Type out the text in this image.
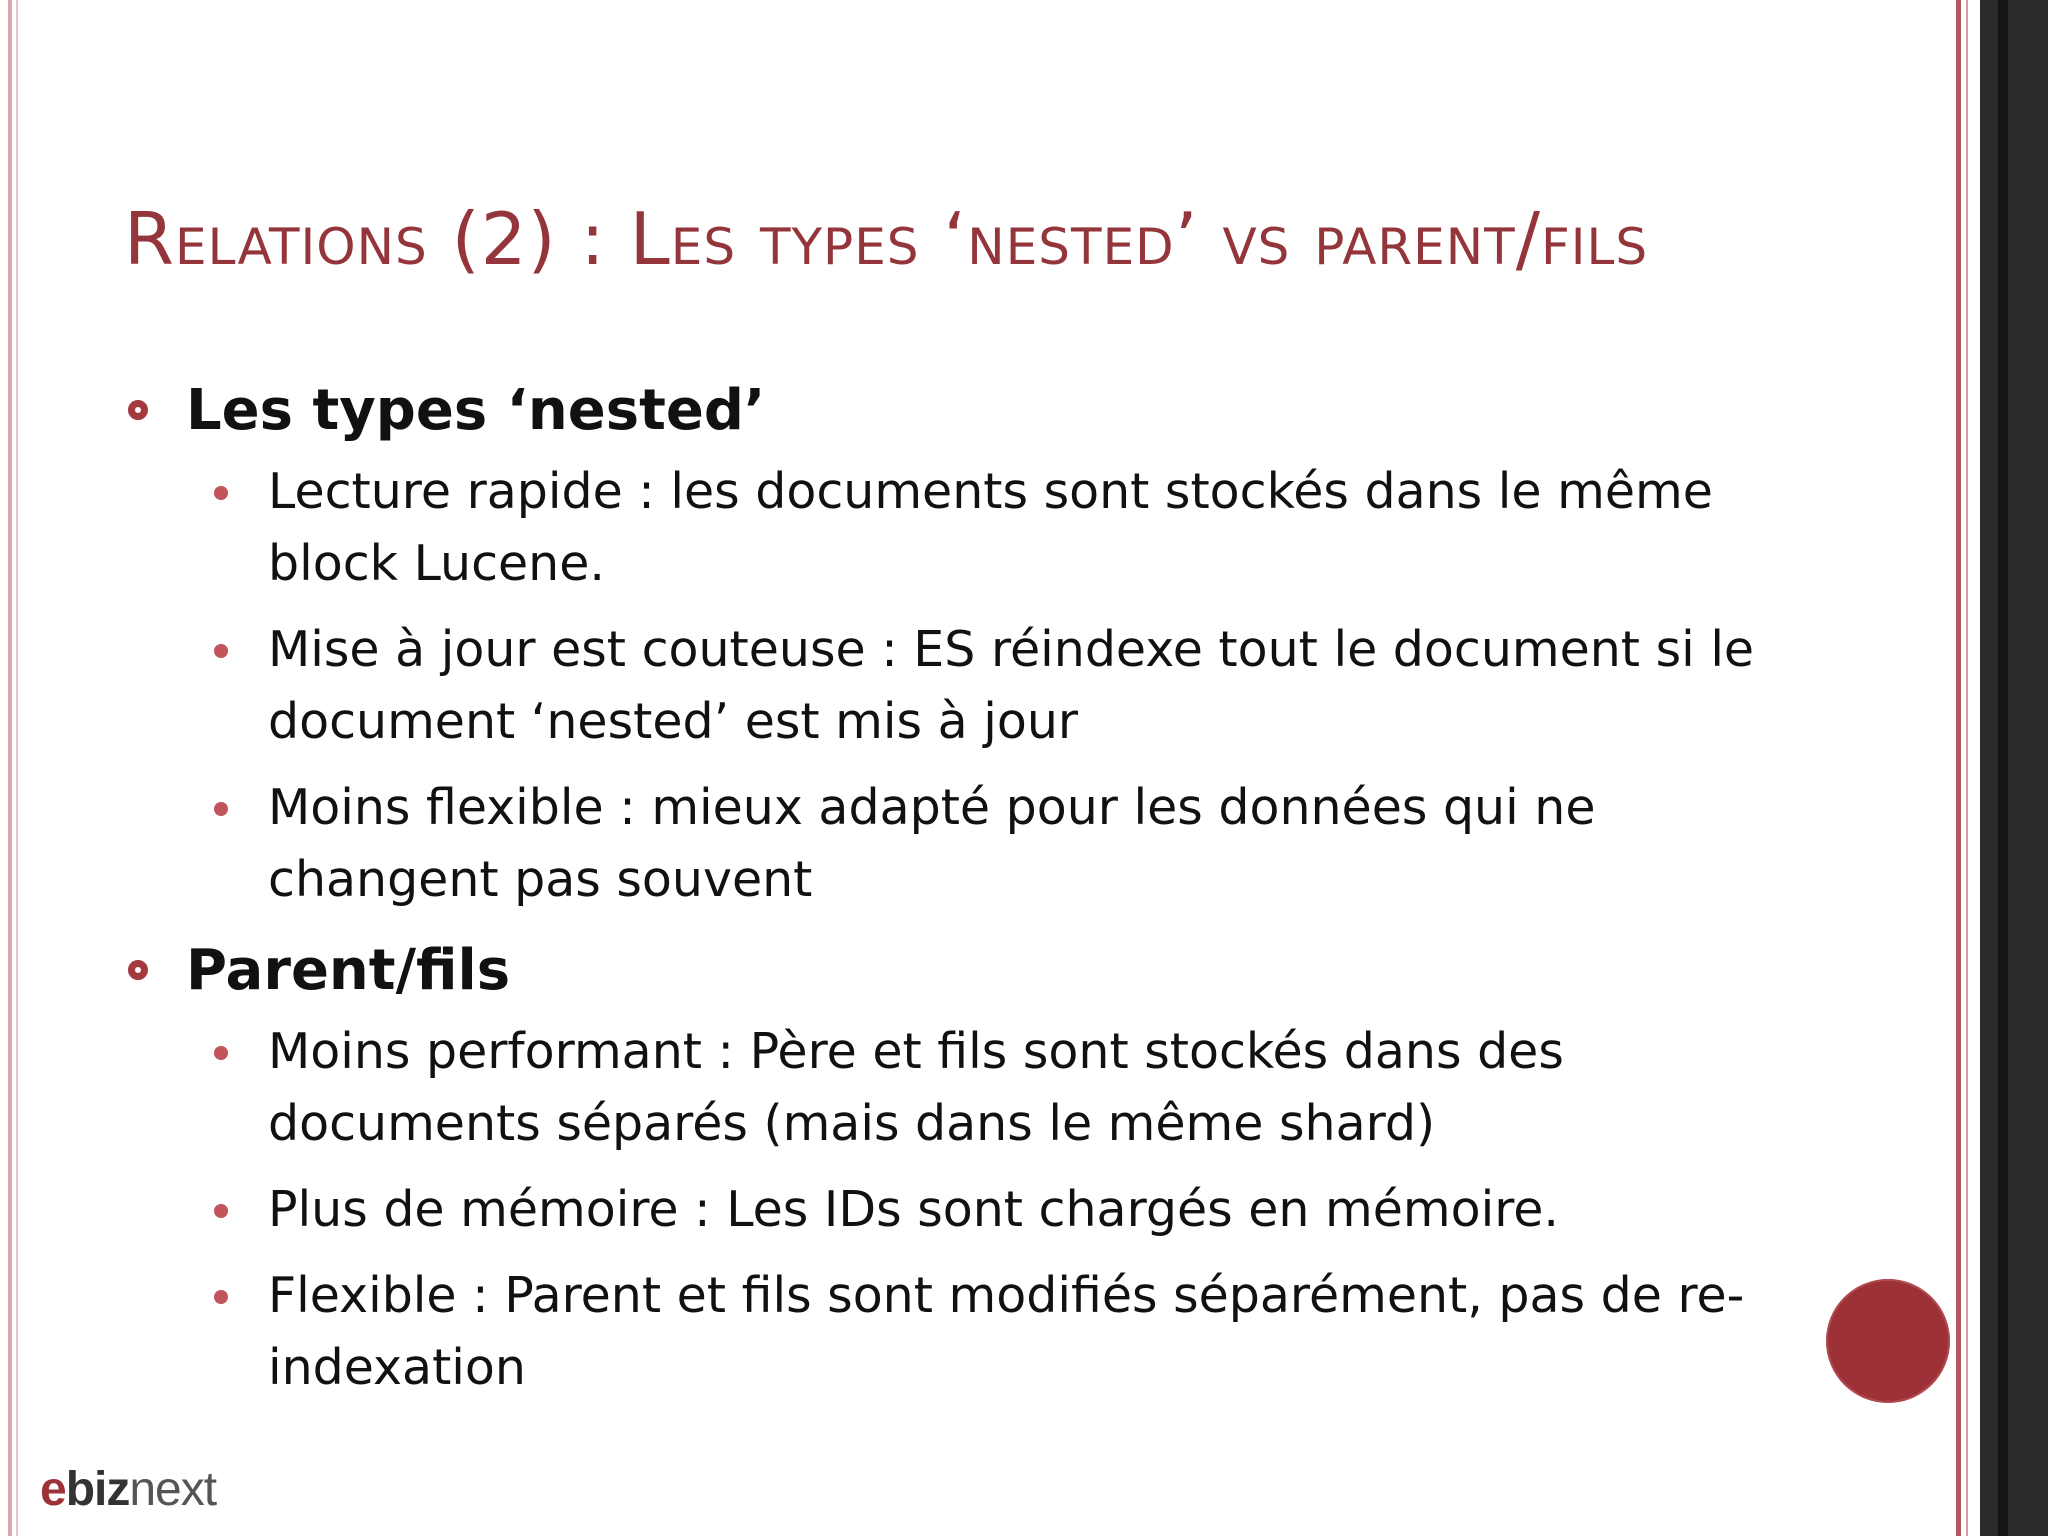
Relations (2) : Les types ‘nested’ vs parent/fils
Les types ‘nested’
Lecture rapide : les documents sont stockés dans le même block Lucene.
Mise à jour est couteuse : ES réindexe tout le document si le document ‘nested’ est mis à jour
Moins flexible : mieux adapté pour les données qui ne changent pas souvent
Parent/fils
Moins performant : Père et fils sont stockés dans des documents séparés (mais dans le même shard)
Plus de mémoire : Les IDs sont chargés en mémoire.
Flexible : Parent et fils sont modifiés séparément, pas de re-indexation
ebiznext
